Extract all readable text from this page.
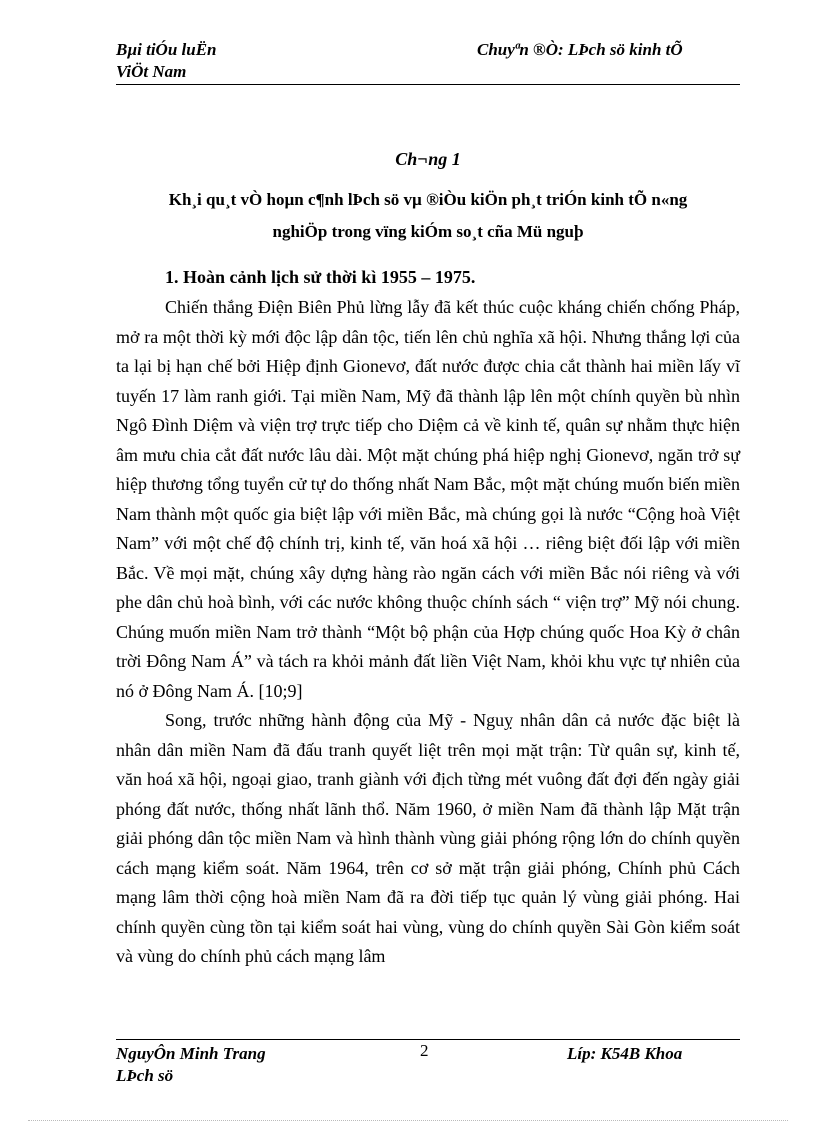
Bµi tiÓu luËn
ViÖt Nam
Chuyªn ®Ò: LÞch sö kinh tÕ
Ch¬ng 1
Kh¸i qu¸t vÒ hoµn c¶nh lÞch sö vµ ®iÒu kiÖn ph¸t triÓn kinh tÕ n«ng
nghiÖp trong vïng kiÓm so¸t cña Mü nguþ
1. Hoàn cảnh lịch sử thời kì 1955 – 1975.

Chiến thắng Điện Biên Phủ lừng lẫy đã kết thúc cuộc kháng chiến chống Pháp, mở ra một thời kỳ mới độc lập dân tộc, tiến lên chủ nghĩa xã hội. Nhưng thắng lợi của ta lại bị hạn chế bởi Hiệp định Gionevơ, đất nước được chia cắt thành hai miền lấy vĩ tuyến 17 làm ranh giới. Tại miền Nam, Mỹ đã thành lập lên một chính quyền bù nhìn Ngô Đình Diệm và viện trợ trực tiếp cho Diệm cả về kinh tế, quân sự nhằm thực hiện âm mưu chia cắt đất nước lâu dài. Một mặt chúng phá hiệp nghị Gionevơ, ngăn trở sự hiệp thương tổng tuyển cử tự do thống nhất Nam Bắc, một mặt chúng muốn biến miền Nam thành một quốc gia biệt lập với miền Bắc, mà chúng gọi là nước “Cộng hoà Việt Nam” với một chế độ chính trị, kinh tế, văn hoá xã hội … riêng biệt đối lập với miền Bắc. Về mọi mặt, chúng xây dựng hàng rào ngăn cách với miền Bắc nói riêng và với phe dân chủ hoà bình, với các nước không thuộc chính sách “ viện trợ” Mỹ nói chung. Chúng muốn miền Nam trở thành “Một bộ phận của Hợp chúng quốc Hoa Kỳ ở chân trời Đông Nam Á” và tách ra khỏi mảnh đất liền Việt Nam, khỏi khu vực tự nhiên của nó ở Đông Nam Á. [10;9]

Song, trước những hành động của Mỹ - Nguỵ nhân dân cả nước đặc biệt là nhân dân miền Nam đã đấu tranh quyết liệt trên mọi mặt trận: Từ quân sự, kinh tế, văn hoá xã hội, ngoại giao, tranh giành với địch từng mét vuông đất đợi đến ngày giải phóng đất nước, thống nhất lãnh thổ. Năm 1960, ở miền Nam đã thành lập Mặt trận giải phóng dân tộc miền Nam và hình thành vùng giải phóng rộng lớn do chính quyền cách mạng kiểm soát. Năm 1964, trên cơ sở mặt trận giải phóng, Chính phủ Cách mạng lâm thời cộng hoà miền Nam đã ra đời tiếp tục quản lý vùng giải phóng. Hai chính quyền cùng tồn tại kiểm soát hai vùng, vùng do chính quyền Sài Gòn kiểm soát và vùng do chính phủ cách mạng lâm

NguyÔn Minh Trang
LÞch sö
2	Líp: K54B Khoa
